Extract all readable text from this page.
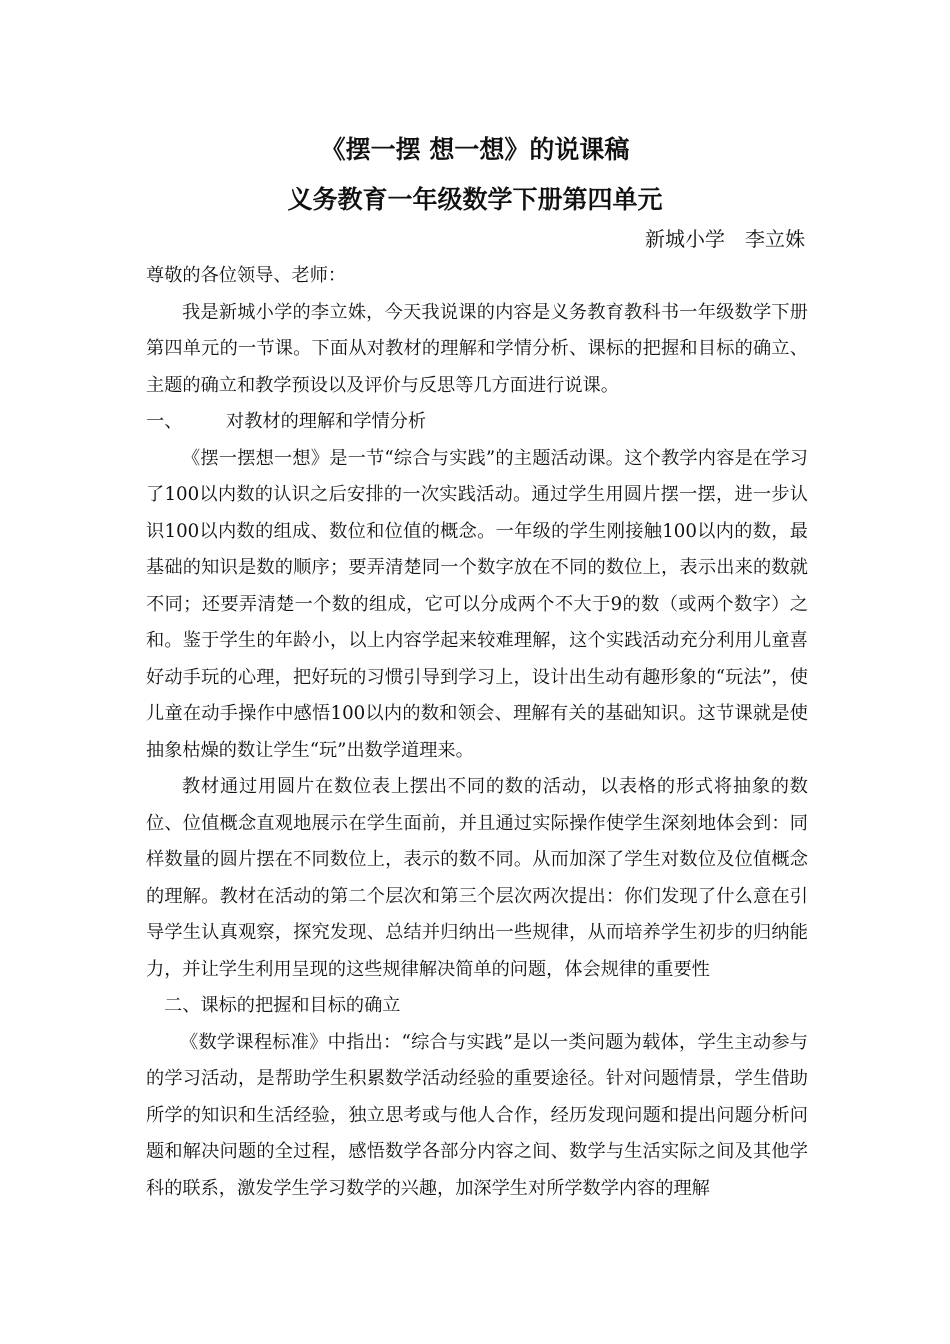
《摆一摆 想一想》的说课稿
义务教育一年级数学下册第四单元
新城小学　李立姝

尊敬的各位领导、老师：

我是新城小学的李立姝，今天我说课的内容是义务教育教科书一年级数学下册第四单元的一节课。下面从对教材的理解和学情分析、课标的把握和目标的确立、主题的确立和教学预设以及评价与反思等几方面进行说课。

一、	对教材的理解和学情分析

《摆一摆想一想》是一节“综合与实践”的主题活动课。这个教学内容是在学习了100以内数的认识之后安排的一次实践活动。通过学生用圆片摆一摆，进一步认识100以内数的组成、数位和位值的概念。一年级的学生刚接触100以内的数，最基础的知识是数的顺序；要弄清楚同一个数字放在不同的数位上，表示出来的数就不同；还要弄清楚一个数的组成，它可以分成两个不大于9的数（或两个数字）之和。鉴于学生的年龄小，以上内容学起来较难理解，这个实践活动充分利用儿童喜好动手玩的心理，把好玩的习惯引导到学习上，设计出生动有趣形象的“玩法”，使儿童在动手操作中感悟100以内的数和领会、理解有关的基础知识。这节课就是使抽象枯燥的数让学生“玩”出数学道理来。

教材通过用圆片在数位表上摆出不同的数的活动，以表格的形式将抽象的数位、位值概念直观地展示在学生面前，并且通过实际操作使学生深刻地体会到：同样数量的圆片摆在不同数位上，表示的数不同。从而加深了学生对数位及位值概念的理解。教材在活动的第二个层次和第三个层次两次提出：你们发现了什么意在引导学生认真观察，探究发现、总结并归纳出一些规律，从而培养学生初步的归纳能力，并让学生利用呈现的这些规律解决简单的问题，体会规律的重要性

二、课标的把握和目标的确立

《数学课程标准》中指出：“综合与实践”是以一类问题为载体，学生主动参与的学习活动，是帮助学生积累数学活动经验的重要途径。针对问题情景，学生借助所学的知识和生活经验，独立思考或与他人合作，经历发现问题和提出问题分析问题和解决问题的全过程，感悟数学各部分内容之间、数学与生活实际之间及其他学科的联系，激发学生学习数学的兴趣，加深学生对所学数学内容的理解
